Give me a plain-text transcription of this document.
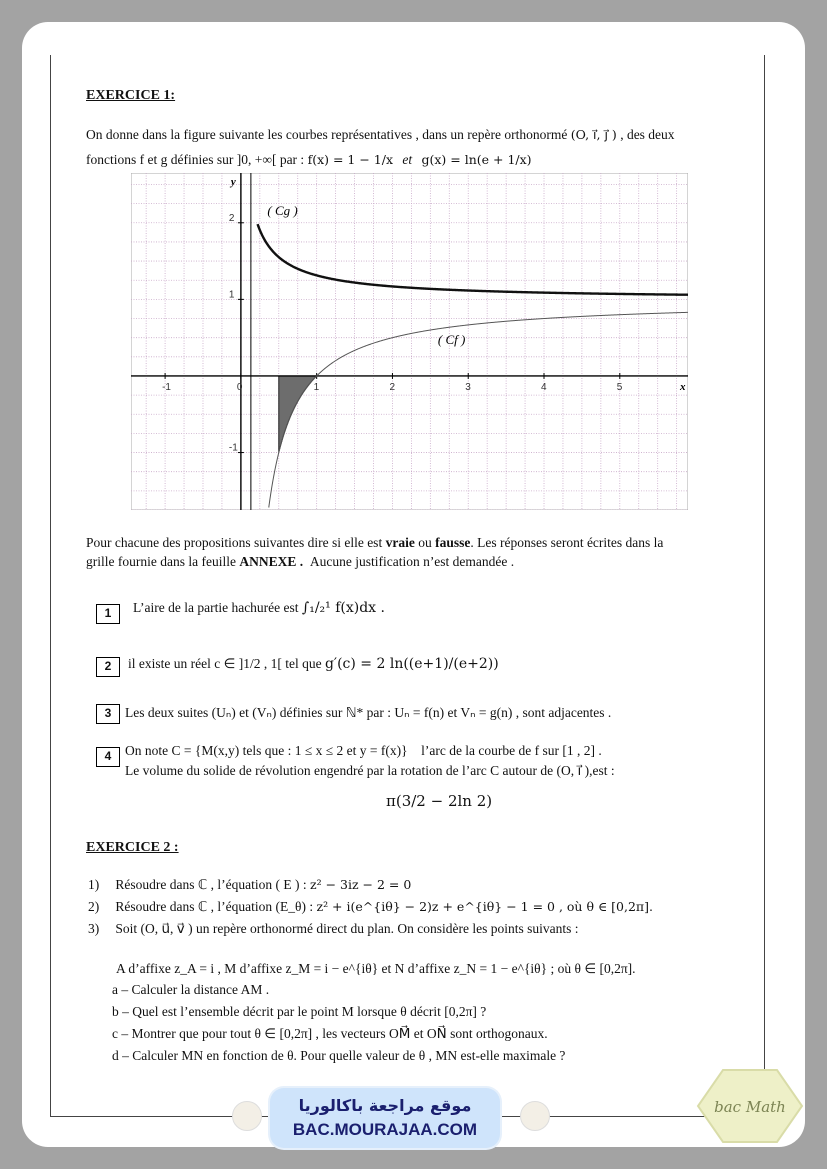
EXERCICE 1:
On donne dans la figure suivante les courbes représentatives , dans un repère orthonormé (O, i⃗, j⃗ ) , des deux
fonctions f et g définies sur ]0, +∞[ par : f(x) = 1 − 1/x et g(x) = ln(e + 1/x)
-1	0	1	2	3	4	5
2
1
-1
x
y
( Cg )
( Cf )
Pour chacune des propositions suivantes dire si elle est vraie ou fausse. Les réponses seront écrites dans la
grille fournie dans la feuille ANNEXE . Aucune justification n’est demandée .
1	L’aire de la partie hachurée est ∫₁/₂¹ f(x)dx .
2	il existe un réel c ∈ ]1/2 , 1[ tel que g′(c) = 2 ln((e+1)/(e+2))
3	Les deux suites (Uₙ) et (Vₙ) définies sur ℕ* par : Uₙ = f(n) et Vₙ = g(n) , sont adjacentes .
4	On note C = {M(x,y) tels que : 1 ≤ x ≤ 2 et y = f(x)} l’arc de la courbe de f sur [1 , 2] .
Le volume du solide de révolution engendré par la rotation de l’arc C autour de (O, i⃗ ),est :
π(3/2 − 2ln 2)
EXERCICE 2 :
1) Résoudre dans ℂ , l’équation ( E ) : z² − 3iz − 2 = 0
2) Résoudre dans ℂ , l’équation (E_θ) : z² + i(e^{iθ} − 2)z + e^{iθ} − 1 = 0 , où θ ∈ [0,2π].
3) Soit (O, u⃗, v⃗ ) un repère orthonormé direct du plan. On considère les points suivants :
A d’affixe z_A = i , M d’affixe z_M = i − e^{iθ} et N d’affixe z_N = 1 − e^{iθ} ; où θ ∈ [0,2π].
a – Calculer la distance AM .
b – Quel est l’ensemble décrit par le point M lorsque θ décrit [0,2π] ?
c – Montrer que pour tout θ ∈ [0,2π] , les vecteurs OM⃗ et ON⃗ sont orthogonaux.
d – Calculer MN en fonction de θ. Pour quelle valeur de θ , MN est-elle maximale ?
موقع مراجعة باكالوريا
BAC.MOURAJAA.COM
bac Math
